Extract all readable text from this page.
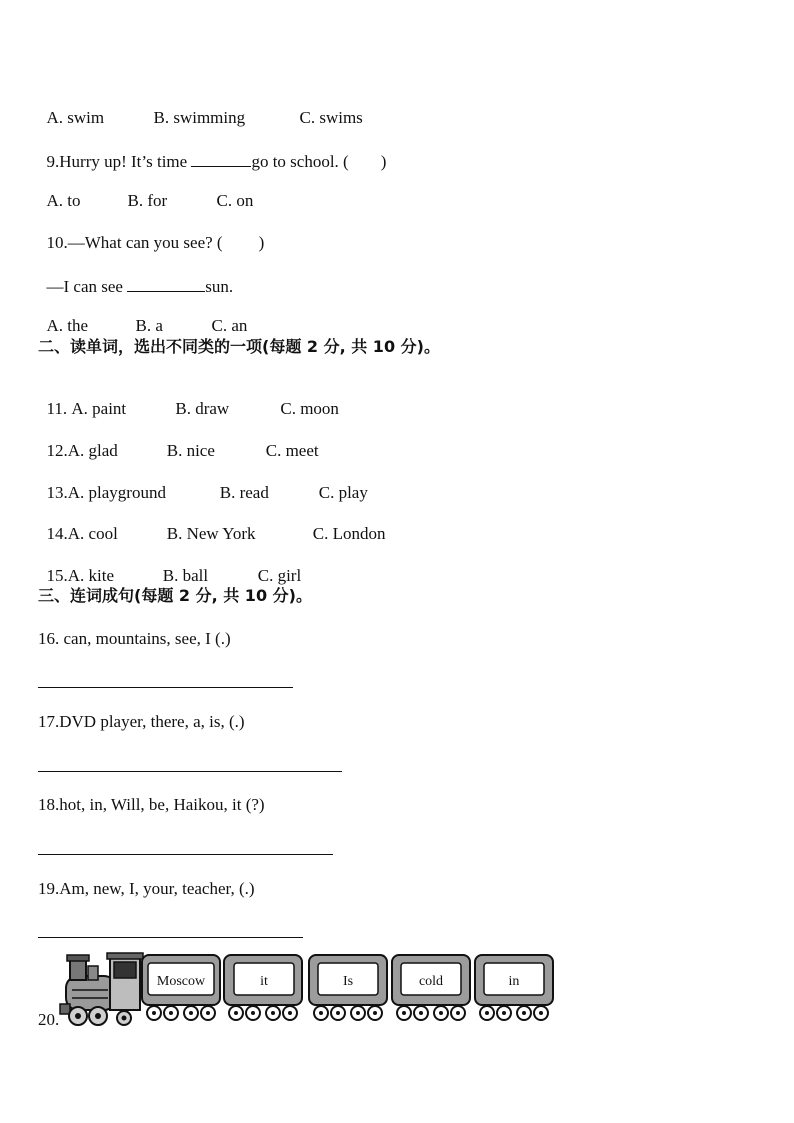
A. swim	B. swimming	C. swims

9.Hurry up! It’s time	go to school. ( )

A. to	B. for	C. on

10.—What can you see? ( )

—I can see	sun.

A. the	B. a	C. an

二、读单词，选出不同类的一项(每题 2 分, 共 10 分)。

11. A. paint	B. draw	C. moon

12.A. glad	B. nice	C. meet

13.A. playground	B. read	C. play

14.A. cool	B. New York	C. London

15.A. kite	B. ball	C. girl

三、连词成句(每题 2 分, 共 10 分)。
16. can, mountains, see, I (.)
17.DVD player, there, a, is, (.)
18.hot, in, Will, be, Haikou, it (?)
19.Am, new, I, your, teacher, (.)
20.
Moscow	it	Is	cold	in
